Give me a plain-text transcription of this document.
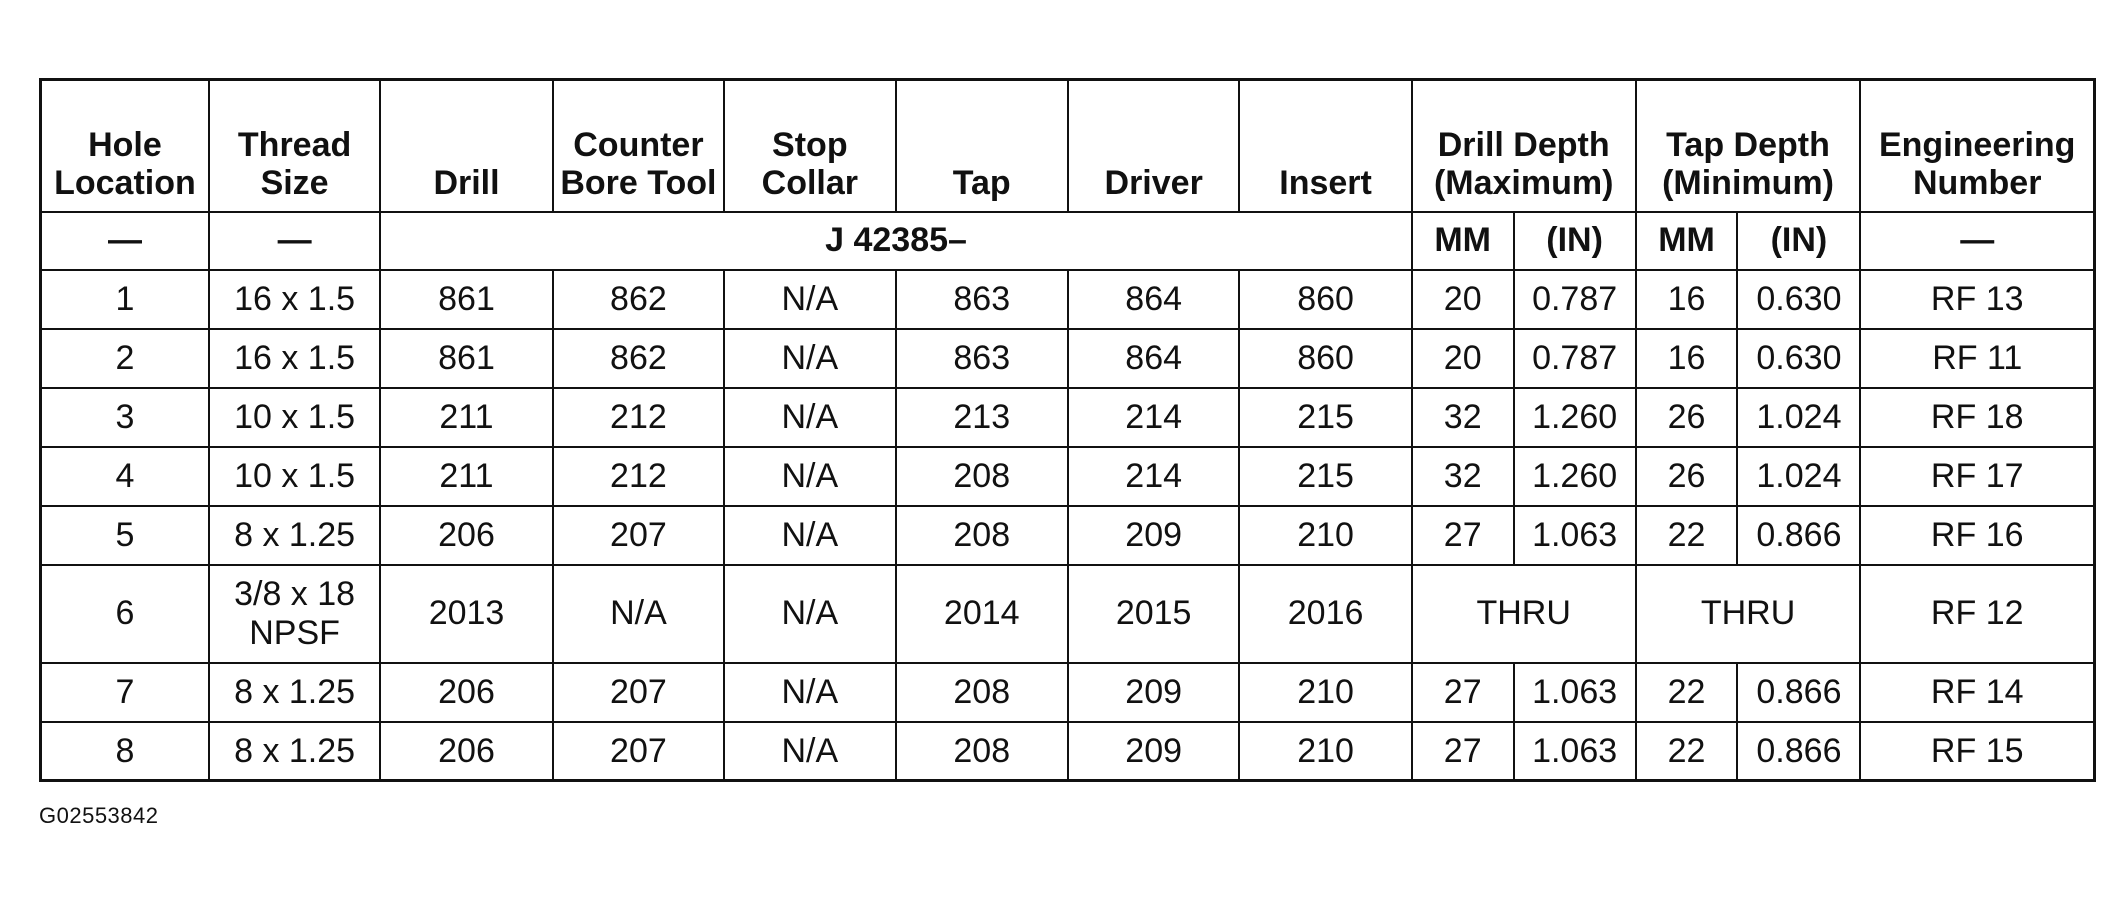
Hole Location	Thread Size	Drill	Counter Bore Tool	Stop Collar	Tap	Driver	Insert	Drill Depth (Maximum)		Tap Depth (Minimum)		Engineering Number
—	—	J 42385–						MM	(IN)	MM	(IN)	—
1	16 x 1.5	861	862	N/A	863	864	860	20	0.787	16	0.630	RF 13
2	16 x 1.5	861	862	N/A	863	864	860	20	0.787	16	0.630	RF 11
3	10 x 1.5	211	212	N/A	213	214	215	32	1.260	26	1.024	RF 18
4	10 x 1.5	211	212	N/A	208	214	215	32	1.260	26	1.024	RF 17
5	8 x 1.25	206	207	N/A	208	209	210	27	1.063	22	0.866	RF 16
6	3/8 x 18 NPSF	2013	N/A	N/A	2014	2015	2016	THRU		THRU		RF 12
7	8 x 1.25	206	207	N/A	208	209	210	27	1.063	22	0.866	RF 14
8	8 x 1.25	206	207	N/A	208	209	210	27	1.063	22	0.866	RF 15
G02553842
